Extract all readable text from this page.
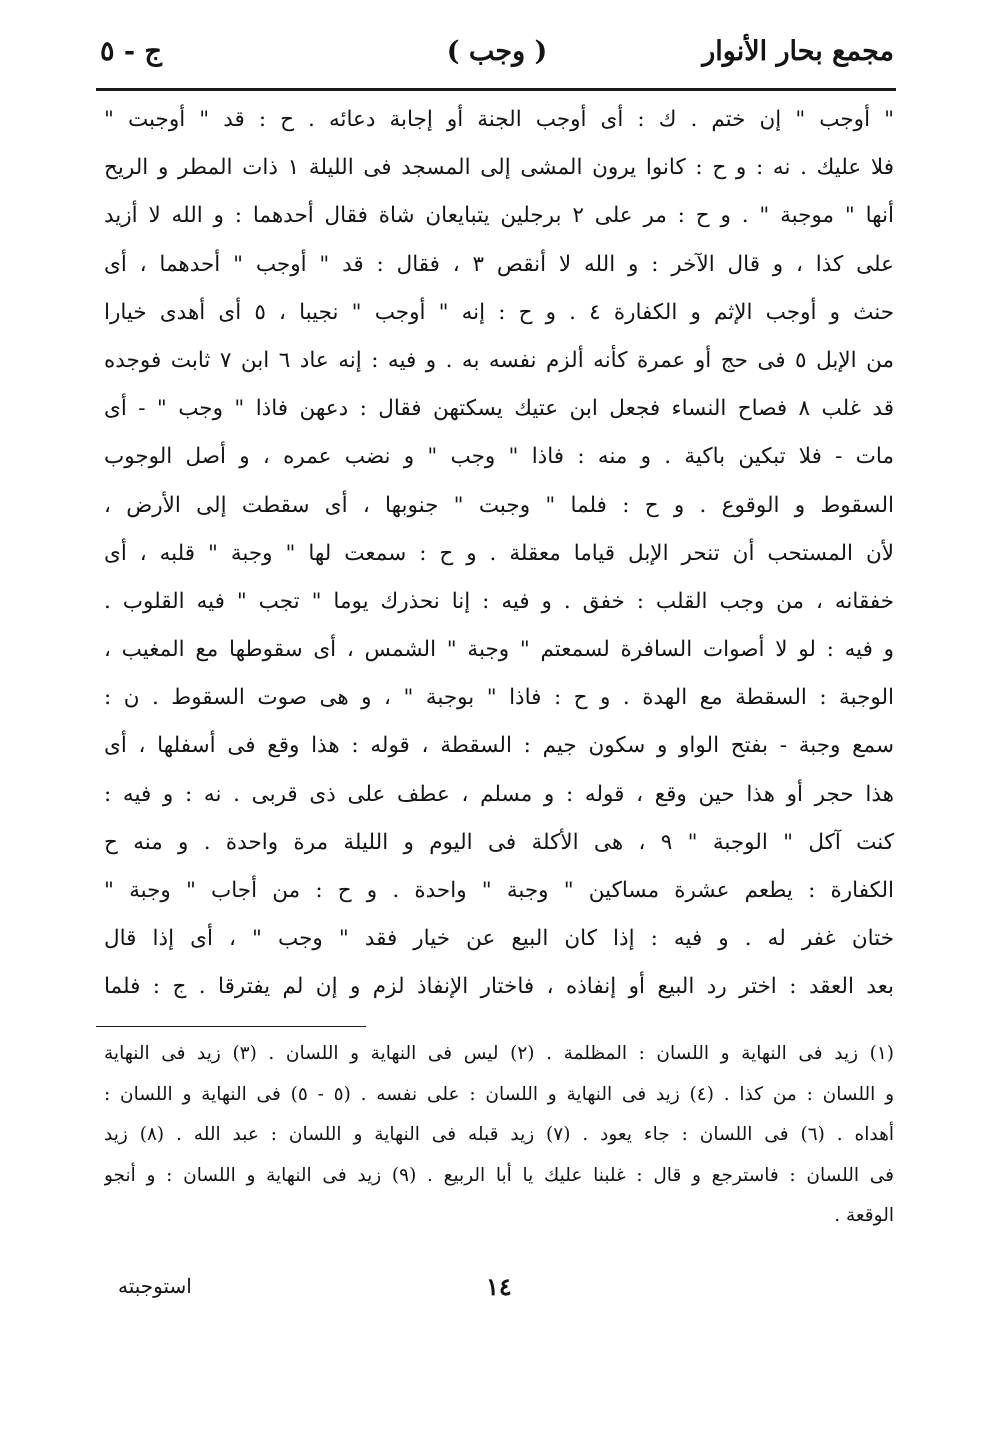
مجمع بحار الأنوار
( وجب )
ج - ٥
" أوجب " إن ختم . ك : أى أوجب الجنة أو إجابة دعائه . ح : قد " أوجبت "
فلا عليك . نه : و ح : كانوا يرون المشى إلى المسجد فى الليلة ١ ذات المطر و الريح
أنها " موجبة " . و ح : مر على ٢ برجلين يتبايعان شاة فقال أحدهما : و الله لا أزيد
على كذا ، و قال الآخر : و الله لا أنقص ٣ ، فقال : قد " أوجب " أحدهما ، أى
حنث و أوجب الإثم و الكفارة ٤ . و ح : إنه " أوجب " نجيبا ، ٥ أى أهدى خيارا
من الإبل ٥ فى حج أو عمرة كأنه ألزم نفسه به . و فيه : إنه عاد ٦ ابن ٧ ثابت فوجده
قد غلب ٨ فصاح النساء فجعل ابن عتيك يسكتهن فقال : دعهن فاذا " وجب " - أى
مات - فلا تبكين باكية . و منه : فاذا " وجب " و نضب عمره ، و أصل الوجوب
السقوط و الوقوع . و ح : فلما " وجبت " جنوبها ، أى سقطت إلى الأرض ،
لأن المستحب أن تنحر الإبل قياما معقلة . و ح : سمعت لها " وجبة " قلبه ، أى
خفقانه ، من وجب القلب : خفق . و فيه : إنا نحذرك يوما " تجب " فيه القلوب .
و فيه : لو لا أصوات السافرة لسمعتم " وجبة " الشمس ، أى سقوطها مع المغيب ،
الوجبة : السقطة مع الهدة . و ح : فاذا " بوجبة " ، و هى صوت السقوط . ن :
سمع وجبة - بفتح الواو و سكون جيم : السقطة ، قوله : هذا وقع فى أسفلها ، أى
هذا حجر أو هذا حين وقع ، قوله : و مسلم ، عطف على ذى قربى . نه : و فيه :
كنت آكل " الوجبة " ٩ ، هى الأكلة فى اليوم و الليلة مرة واحدة . و منه ح
الكفارة : يطعم عشرة مساكين " وجبة " واحدة . و ح : من أجاب " وجبة "
ختان غفر له . و فيه : إذا كان البيع عن خيار فقد " وجب " ، أى إذا قال
بعد العقد : اختر رد البيع أو إنفاذه ، فاختار الإنفاذ لزم و إن لم يفترقا . ج : فلما
(١) زيد فى النهاية و اللسان : المظلمة . (٢) ليس فى النهاية و اللسان . (٣) زيد فى النهاية
و اللسان : من كذا . (٤) زيد فى النهاية و اللسان : على نفسه . (٥ - ٥) فى النهاية و اللسان :
أهداه . (٦) فى اللسان : جاء يعود . (٧) زيد قبله فى النهاية و اللسان : عبد الله . (٨) زيد
فى اللسان : فاسترجع و قال : غلبنا عليك يا أبا الربيع . (٩) زيد فى النهاية و اللسان : و أنجو
الوقعة .
١٤
استوجبته
